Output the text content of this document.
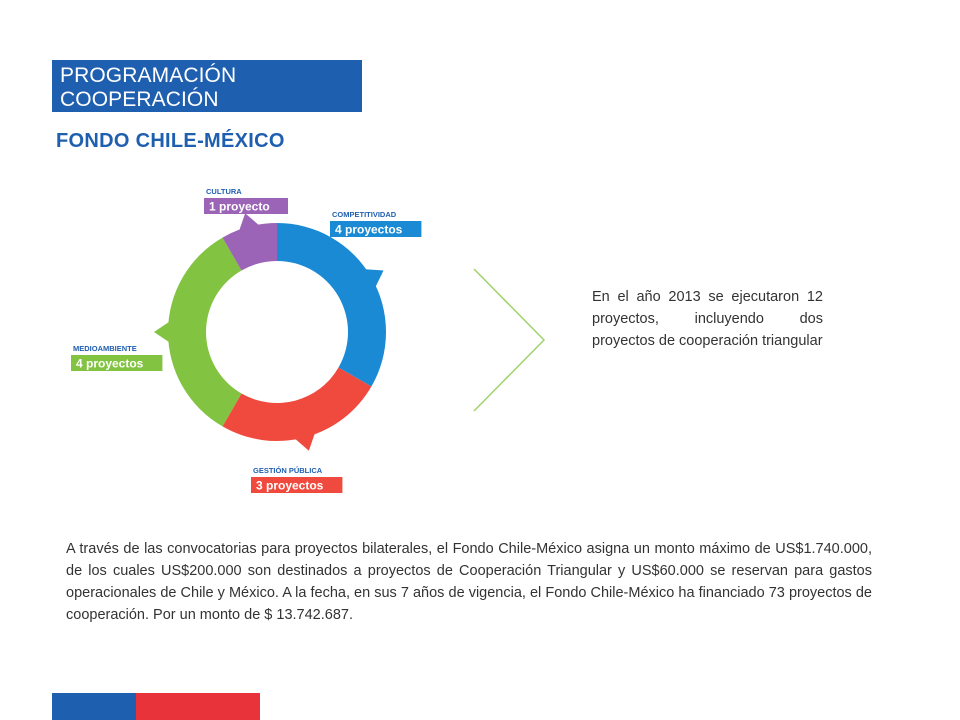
PROGRAMACIÓN COOPERACIÓN
SUR-SUR (SUBTITULO 24)
FONDO CHILE-MÉXICO
COMPETITIVIDAD
4 proyectos
GESTIÓN PÚBLICA
3 proyectos
MEDIOAMBIENTE
4 proyectos
CULTURA
1 proyecto
En el año 2013 se ejecutaron 12 proyectos, incluyendo dos proyectos de cooperación triangular
A través de las convocatorias para proyectos bilaterales, el Fondo Chile-México asigna un monto máximo de US$1.740.000, de los cuales US$200.000 son destinados a proyectos de Cooperación Triangular y US$60.000 se reservan para gastos operacionales de Chile y México. A la fecha, en sus 7 años de vigencia, el Fondo Chile-México ha financiado 73 proyectos de cooperación. Por un monto de $ 13.742.687.
